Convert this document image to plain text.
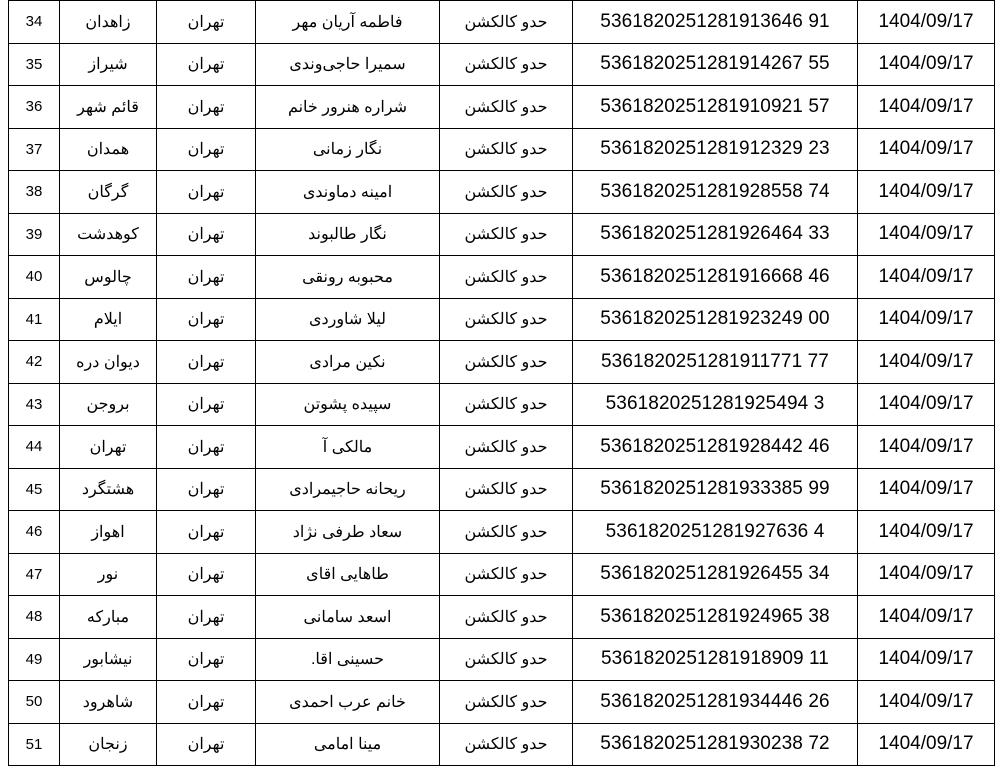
34	زاهدان	تهران	فاطمه آریان مهر	حدو کالکشن	5361820251281913646 91	1404/09/17
35	شیراز	تهران	سمیرا حاجی‌وندی	حدو کالکشن	5361820251281914267 55	1404/09/17
36	قائم شهر	تهران	شراره هنرور خانم	حدو کالکشن	5361820251281910921 57	1404/09/17
37	همدان	تهران	نگار زمانی	حدو کالکشن	5361820251281912329 23	1404/09/17
38	گرگان	تهران	امینه دماوندی	حدو کالکشن	5361820251281928558 74	1404/09/17
39	کوهدشت	تهران	نگار طالبوند	حدو کالکشن	5361820251281926464 33	1404/09/17
40	چالوس	تهران	محبوبه رونقی	حدو کالکشن	5361820251281916668 46	1404/09/17
41	ایلام	تهران	لیلا شاوردی	حدو کالکشن	5361820251281923249 00	1404/09/17
42	دیوان دره	تهران	نکین مرادی	حدو کالکشن	5361820251281911771 77	1404/09/17
43	بروجن	تهران	سپیده پشوتن	حدو کالکشن	5361820251281925494 3	1404/09/17
44	تهران	تهران	مالکی آ	حدو کالکشن	5361820251281928442 46	1404/09/17
45	هشتگرد	تهران	ریحانه حاجیمرادی	حدو کالکشن	5361820251281933385 99	1404/09/17
46	اهواز	تهران	سعاد طرفی نژاد	حدو کالکشن	5361820251281927636 4	1404/09/17
47	نور	تهران	طاهایی اقای	حدو کالکشن	5361820251281926455 34	1404/09/17
48	مبارکه	تهران	اسعد سامانی	حدو کالکشن	5361820251281924965 38	1404/09/17
49	نیشابور	تهران	حسینی اقا.	حدو کالکشن	5361820251281918909 11	1404/09/17
50	شاهرود	تهران	خانم عرب احمدی	حدو کالکشن	5361820251281934446 26	1404/09/17
51	زنجان	تهران	مینا امامی	حدو کالکشن	5361820251281930238 72	1404/09/17
